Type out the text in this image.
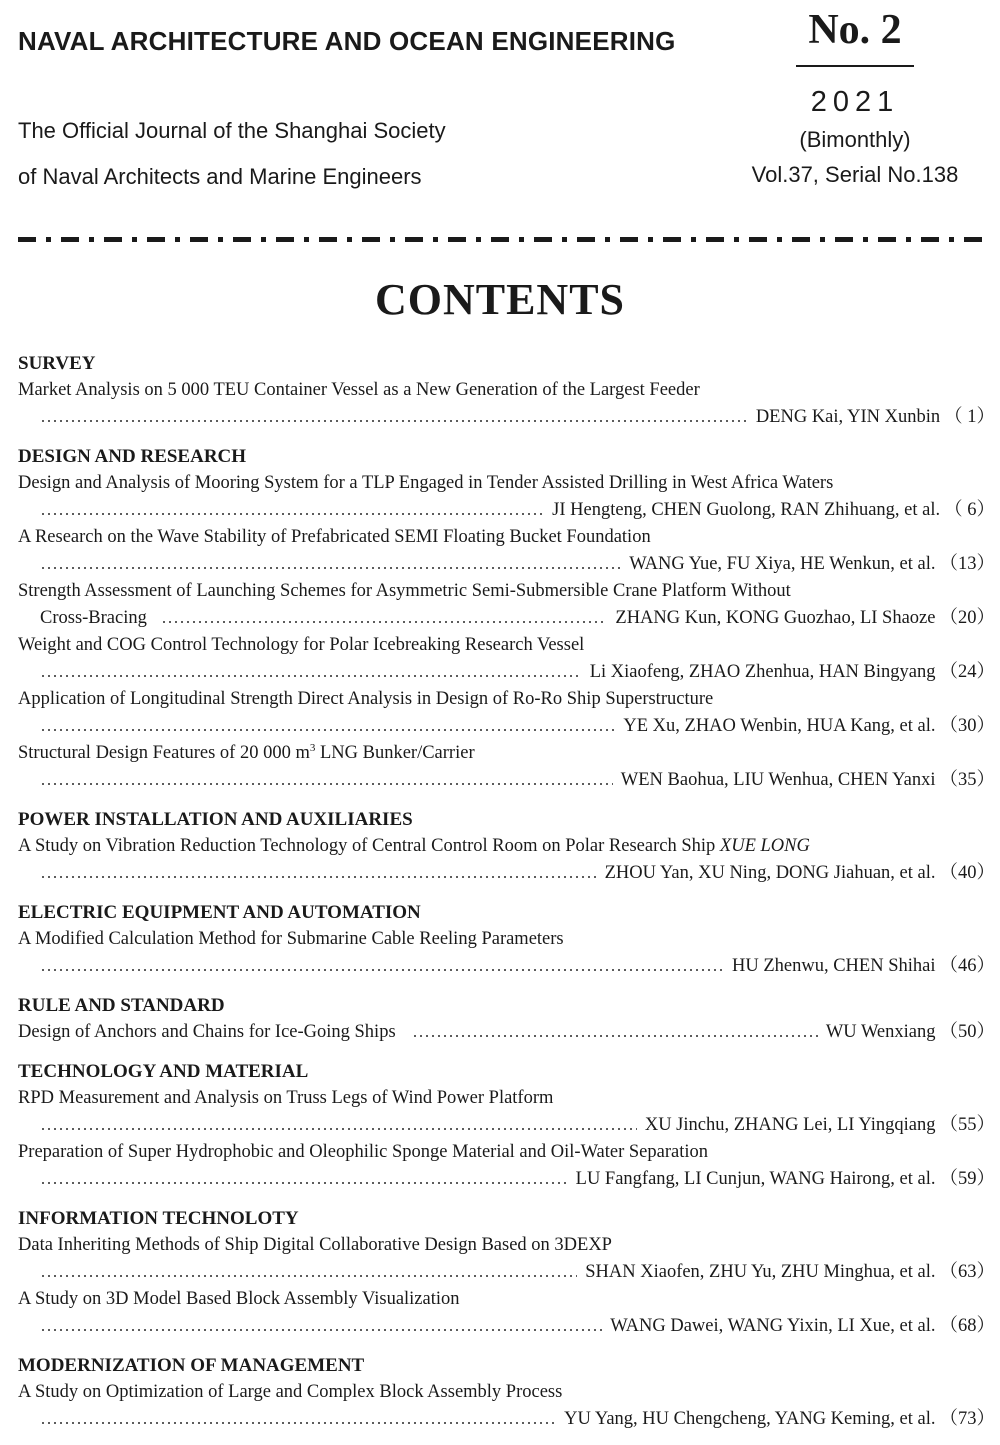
NAVAL ARCHITECTURE AND OCEAN ENGINEERING
The Official Journal of the Shanghai Society
of Naval Architects and Marine Engineers
No. 2
2021
(Bimonthly)
Vol.37, Serial No.138
CONTENTS
SURVEY
Market Analysis on 5 000 TEU Container Vessel as a New Generation of the Largest Feeder
DENG Kai, YIN Xunbin （ 1）
DESIGN AND RESEARCH
Design and Analysis of Mooring System for a TLP Engaged in Tender Assisted Drilling in West Africa Waters
JI Hengteng, CHEN Guolong, RAN Zhihuang, et al. （ 6）
A Research on the Wave Stability of Prefabricated SEMI Floating Bucket Foundation
WANG Yue, FU Xiya, HE Wenkun, et al. （13）
Strength Assessment of Launching Schemes for Asymmetric Semi-Submersible Crane Platform Without
Cross-Bracing	ZHANG Kun, KONG Guozhao, LI Shaoze （20）
Weight and COG Control Technology for Polar Icebreaking Research Vessel
Li Xiaofeng, ZHAO Zhenhua, HAN Bingyang （24）
Application of Longitudinal Strength Direct Analysis in Design of Ro-Ro Ship Superstructure
YE Xu, ZHAO Wenbin, HUA Kang, et al. （30）
Structural Design Features of 20 000 $m^3$ LNG Bunker/Carrier
WEN Baohua, LIU Wenhua, CHEN Yanxi （35）
POWER INSTALLATION AND AUXILIARIES
A Study on Vibration Reduction Technology of Central Control Room on Polar Research Ship XUE LONG
ZHOU Yan, XU Ning, DONG Jiahuan, et al. （40）
ELECTRIC EQUIPMENT AND AUTOMATION
A Modified Calculation Method for Submarine Cable Reeling Parameters
HU Zhenwu, CHEN Shihai （46）
RULE AND STANDARD
Design of Anchors and Chains for Ice-Going Ships	WU Wenxiang （50）
TECHNOLOGY AND MATERIAL
RPD Measurement and Analysis on Truss Legs of Wind Power Platform
XU Jinchu, ZHANG Lei, LI Yingqiang （55）
Preparation of Super Hydrophobic and Oleophilic Sponge Material and Oil-Water Separation
LU Fangfang, LI Cunjun, WANG Hairong, et al. （59）
INFORMATION TECHNOLOTY
Data Inheriting Methods of Ship Digital Collaborative Design Based on 3DEXP
SHAN Xiaofen, ZHU Yu, ZHU Minghua, et al. （63）
A Study on 3D Model Based Block Assembly Visualization
WANG Dawei, WANG Yixin, LI Xue, et al. （68）
MODERNIZATION OF MANAGEMENT
A Study on Optimization of Large and Complex Block Assembly Process
YU Yang, HU Chengcheng, YANG Keming, et al. （73）
